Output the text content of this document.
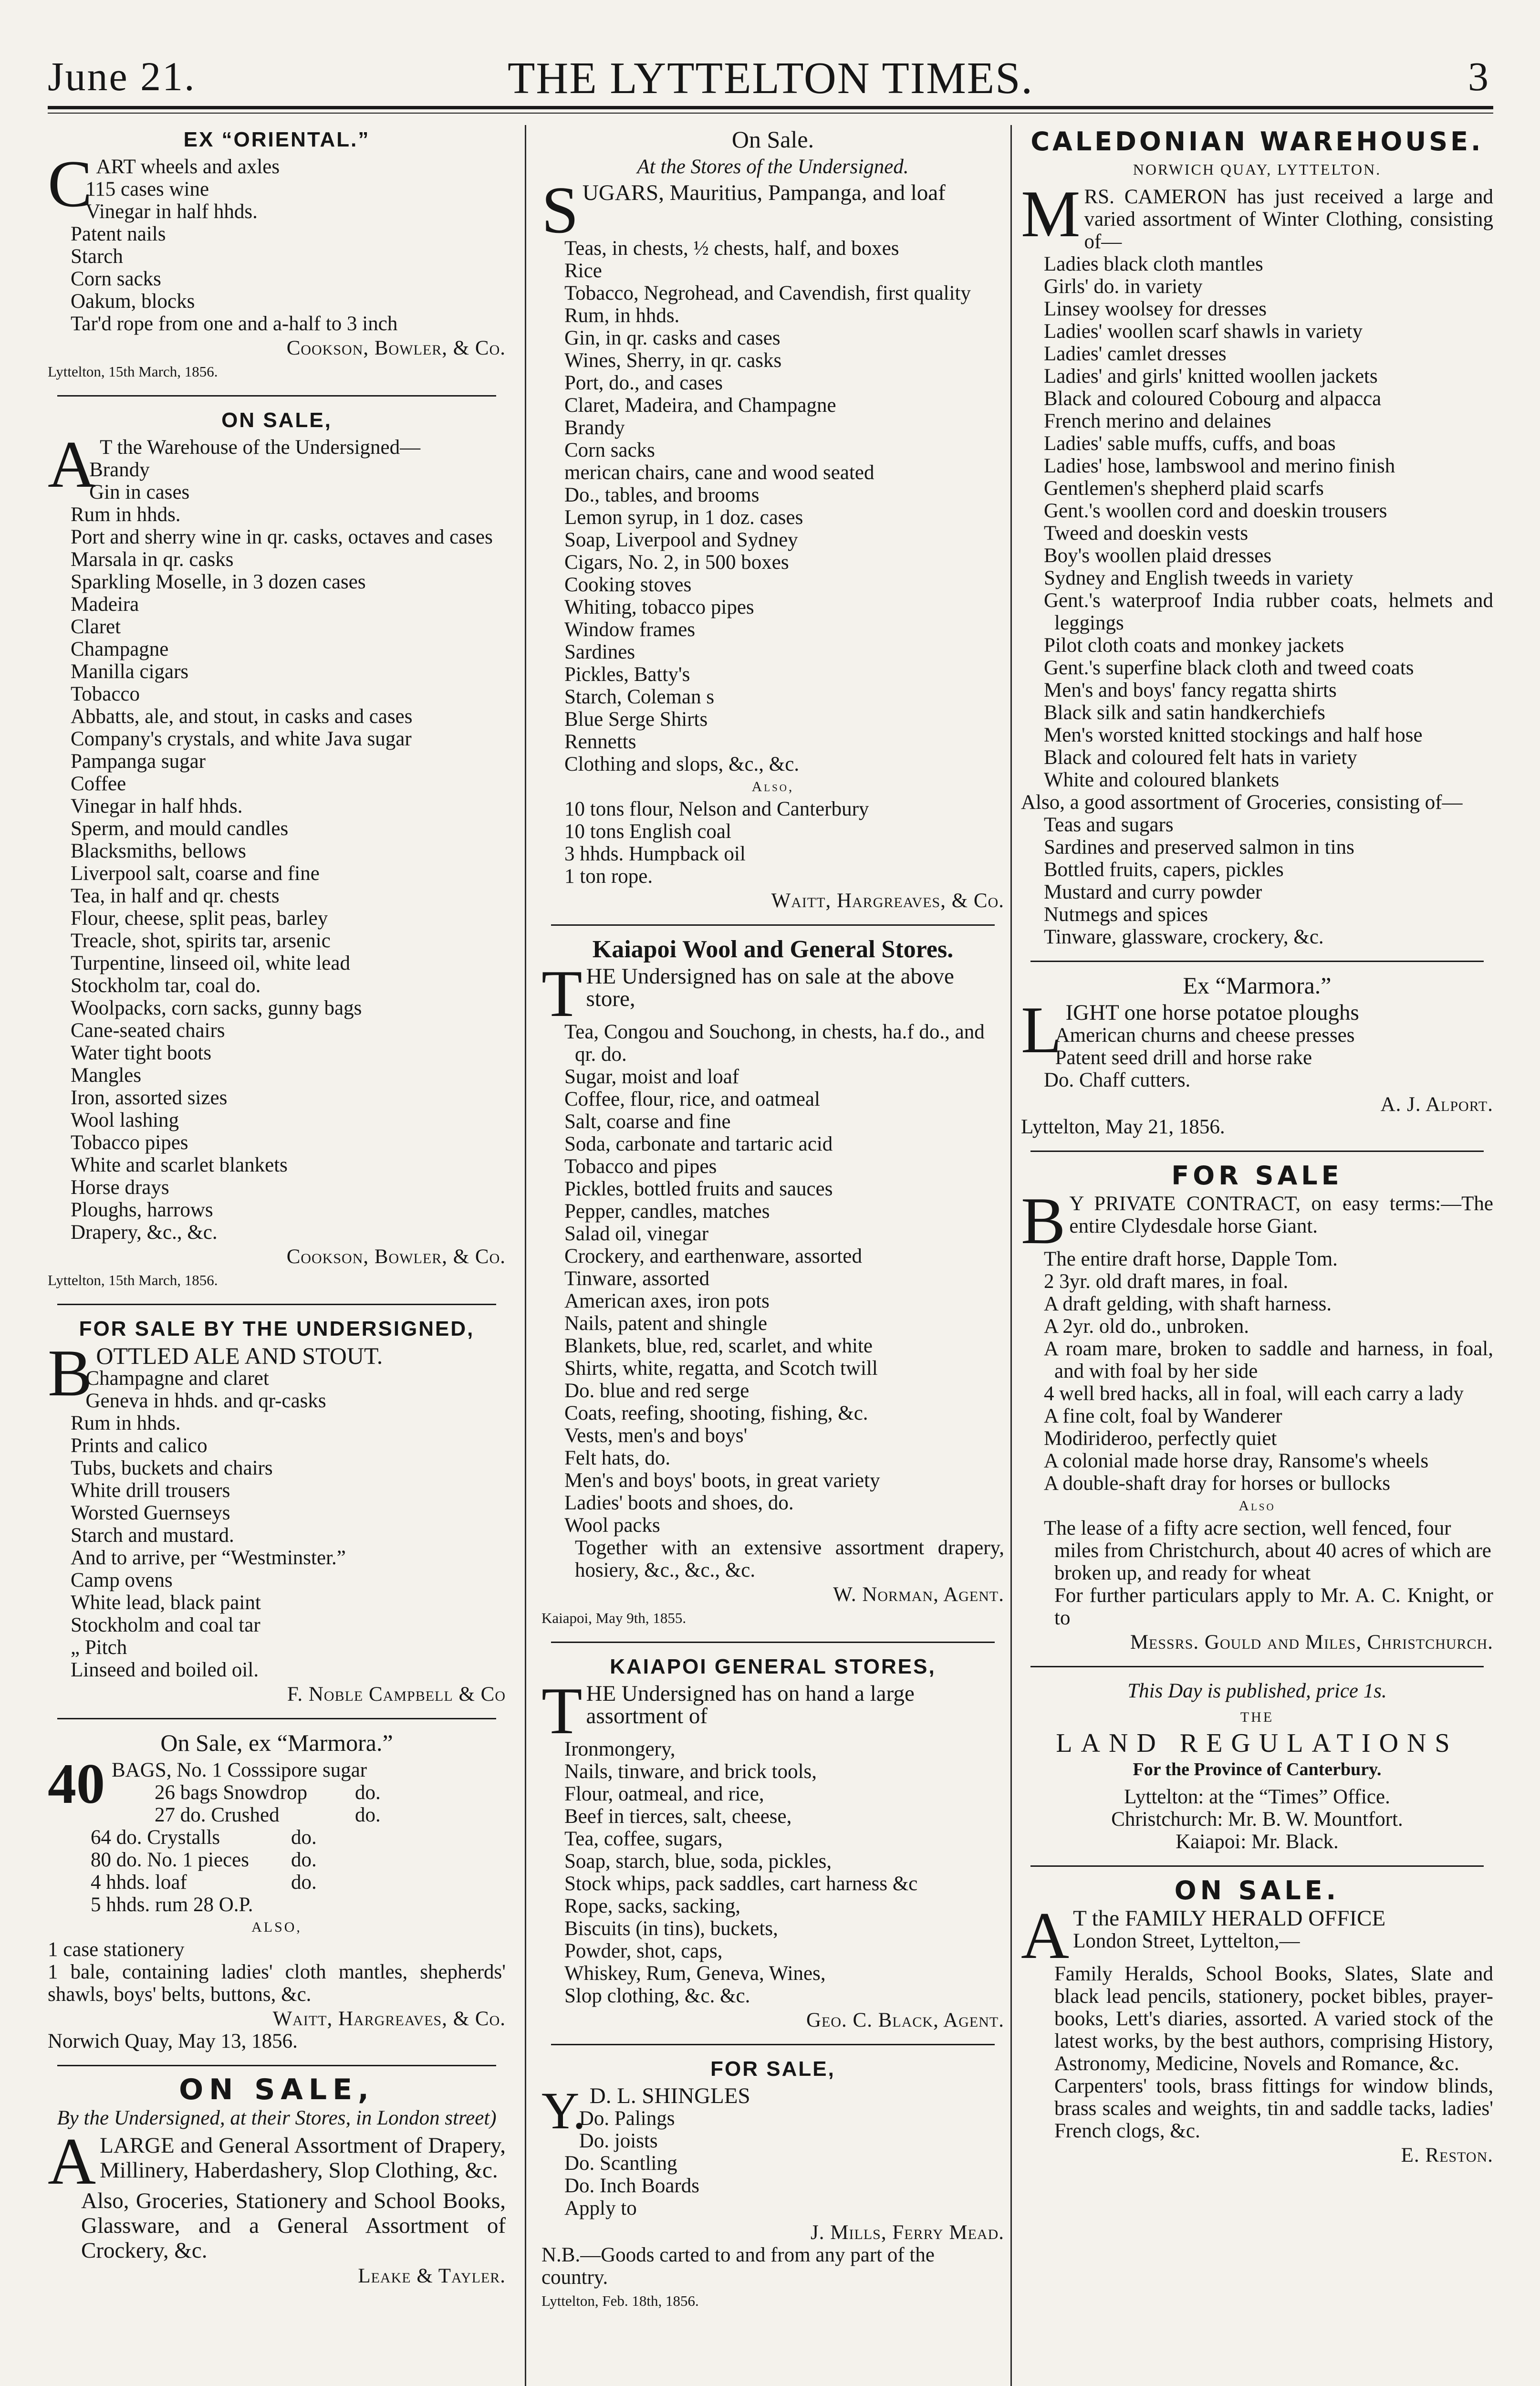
June 21.	THE LYTTELTON TIMES.	3
EX “ORIENTAL.”
C ART wheels and axles

115 cases wine
Vinegar in half hhds.
Patent nails
Starch
Corn sacks
Oakum, blocks
Tar'd rope from one and a-half to 3 inch
Cookson, Bowler, & Co.
Lyttelton, 15th March, 1856.
ON SALE,
A T the Warehouse of the Undersigned—

Brandy
Gin in cases
Rum in hhds.
Port and sherry wine in qr. casks, octaves and cases
Marsala in qr. casks
Sparkling Moselle, in 3 dozen cases
Madeira
Claret
Champagne
Manilla cigars
Tobacco
Abbatts, ale, and stout, in casks and cases
Company's crystals, and white Java sugar
Pampanga sugar
Coffee
Vinegar in half hhds.
Sperm, and mould candles
Blacksmiths, bellows
Liverpool salt, coarse and fine
Tea, in half and qr. chests
Flour, cheese, split peas, barley
Treacle, shot, spirits tar, arsenic
Turpentine, linseed oil, white lead
Stockholm tar, coal do.
Woolpacks, corn sacks, gunny bags
Cane-seated chairs
Water tight boots
Mangles
Iron, assorted sizes
Wool lashing
Tobacco pipes
White and scarlet blankets
Horse drays
Ploughs, harrows
Drapery, &c., &c.
Cookson, Bowler, & Co.
Lyttelton, 15th March, 1856.
FOR SALE BY THE UNDERSIGNED,
B OTTLED ALE AND STOUT.

Champagne and claret
Geneva in hhds. and qr-casks
Rum in hhds.
Prints and calico
Tubs, buckets and chairs
White drill trousers
Worsted Guernseys
Starch and mustard.
And to arrive, per “Westminster.”
Camp ovens
White lead, black paint
Stockholm and coal tar
„ Pitch
Linseed and boiled oil.
F. Noble Campbell & Co
On Sale, ex “Marmora.”
40 BAGS, No. 1 Cosssipore sugar

26 bags Snowdrop	do.
27 do. Crushed	do.
64 do. Crystalls	do.
80 do. No. 1 pieces	do.
4 hhds. loaf	do.
5 hhds. rum 28 O.P.
ALSO,
1 case stationery
1 bale, containing ladies' cloth mantles, shepherds' shawls, boys' belts, buttons, &c.
Waitt, Hargreaves, & Co.
Norwich Quay, May 13, 1856.
ON SALE,
By the Undersigned, at their Stores, in London street)
A LARGE and General Assortment of Drapery, Millinery, Haberdashery, Slop Clothing, &c.

Also, Groceries, Stationery and School Books, Glassware, and a General Assortment of Crockery, &c.

Leake & Tayler.
On Sale.
At the Stores of the Undersigned.
S UGARS, Mauritius, Pampanga, and loaf

Teas, in chests, ½ chests, half, and boxes
Rice
Tobacco, Negrohead, and Cavendish, first quality
Rum, in hhds.
Gin, in qr. casks and cases
Wines, Sherry, in qr. casks
Port, do., and cases
Claret, Madeira, and Champagne
Brandy
Corn sacks
merican chairs, cane and wood seated
Do., tables, and brooms
Lemon syrup, in 1 doz. cases
Soap, Liverpool and Sydney
Cigars, No. 2, in 500 boxes
Cooking stoves
Whiting, tobacco pipes
Window frames
Sardines
Pickles, Batty's
Starch, Coleman s
Blue Serge Shirts
Rennetts
Clothing and slops, &c., &c.
Also,
10 tons flour, Nelson and Canterbury
10 tons English coal
3 hhds. Humpback oil
1 ton rope.
Waitt, Hargreaves, & Co.
Kaiapoi Wool and General Stores.
T HE Undersigned has on sale at the above store,

Tea, Congou and Souchong, in chests, ha.f do., and qr. do.
Sugar, moist and loaf
Coffee, flour, rice, and oatmeal
Salt, coarse and fine
Soda, carbonate and tartaric acid
Tobacco and pipes
Pickles, bottled fruits and sauces
Pepper, candles, matches
Salad oil, vinegar
Crockery, and earthenware, assorted
Tinware, assorted
American axes, iron pots
Nails, patent and shingle
Blankets, blue, red, scarlet, and white
Shirts, white, regatta, and Scotch twill
Do. blue and red serge
Coats, reefing, shooting, fishing, &c.
Vests, men's and boys'
Felt hats, do.
Men's and boys' boots, in great variety
Ladies' boots and shoes, do.
Wool packs
Together with an extensive assortment drapery, hosiery, &c., &c., &c.
W. Norman, Agent.
Kaiapoi, May 9th, 1855.
KAIAPOI GENERAL STORES,
T HE Undersigned has on hand a large assortment of

Ironmongery,
Nails, tinware, and brick tools,
Flour, oatmeal, and rice,
Beef in tierces, salt, cheese,
Tea, coffee, sugars,
Soap, starch, blue, soda, pickles,
Stock whips, pack saddles, cart harness &c
Rope, sacks, sacking,
Biscuits (in tins), buckets,
Powder, shot, caps,
Whiskey, Rum, Geneva, Wines,
Slop clothing, &c. &c.
Geo. C. Black, Agent.
FOR SALE,
Y. D. L. SHINGLES

Do. Palings
Do. joists
Do. Scantling
Do. Inch Boards
Apply to
J. Mills, Ferry Mead.
N.B.—Goods carted to and from any part of the country.
Lyttelton, Feb. 18th, 1856.
CALEDONIAN WAREHOUSE.
NORWICH QUAY, LYTTELTON.
M RS. CAMERON has just received a large and varied assortment of Winter Clothing, consisting of—

Ladies black cloth mantles
Girls' do. in variety
Linsey woolsey for dresses
Ladies' woollen scarf shawls in variety
Ladies' camlet dresses
Ladies' and girls' knitted woollen jackets
Black and coloured Cobourg and alpacca
French merino and delaines
Ladies' sable muffs, cuffs, and boas
Ladies' hose, lambswool and merino finish
Gentlemen's shepherd plaid scarfs
Gent.'s woollen cord and doeskin trousers
Tweed and doeskin vests
Boy's woollen plaid dresses
Sydney and English tweeds in variety
Gent.'s waterproof India rubber coats, helmets and leggings
Pilot cloth coats and monkey jackets
Gent.'s superfine black cloth and tweed coats
Men's and boys' fancy regatta shirts
Black silk and satin handkerchiefs
Men's worsted knitted stockings and half hose
Black and coloured felt hats in variety
White and coloured blankets
Also, a good assortment of Groceries, consisting of—
Teas and sugars
Sardines and preserved salmon in tins
Bottled fruits, capers, pickles
Mustard and curry powder
Nutmegs and spices
Tinware, glassware, crockery, &c.
Ex “Marmora.”
L IGHT one horse potatoe ploughs

American churns and cheese presses
Patent seed drill and horse rake
Do. Chaff cutters.
A. J. Alport.
Lyttelton, May 21, 1856.
FOR SALE
B Y PRIVATE CONTRACT, on easy terms:—The entire Clydesdale horse Giant.

The entire draft horse, Dapple Tom.
2 3yr. old draft mares, in foal.
A draft gelding, with shaft harness.
A 2yr. old do., unbroken.
A roam mare, broken to saddle and harness, in foal, and with foal by her side
4 well bred hacks, all in foal, will each carry a lady
A fine colt, foal by Wanderer
Modirideroo, perfectly quiet
A colonial made horse dray, Ransome's wheels
A double-shaft dray for horses or bullocks
Also
The lease of a fifty acre section, well fenced, four miles from Christchurch, about 40 acres of which are broken up, and ready for wheat
For further particulars apply to Mr. A. C. Knight, or to
Messrs. Gould and Miles, Christchurch.
This Day is published, price 1s.
THE
LAND REGULATIONS
For the Province of Canterbury.
Lyttelton: at the “Times” Office.
Christchurch: Mr. B. W. Mountfort.
Kaiapoi: Mr. Black.
ON SALE.
A T the FAMILY HERALD OFFICE

London Street, Lyttelton,—

Family Heralds, School Books, Slates, Slate and black lead pencils, stationery, pocket bibles, prayer-books, Lett's diaries, assorted. A varied stock of the latest works, by the best authors, comprising History, Astronomy, Medicine, Novels and Romance, &c.

Carpenters' tools, brass fittings for window blinds, brass scales and weights, tin and saddle tacks, ladies' French clogs, &c.

E. Reston.
